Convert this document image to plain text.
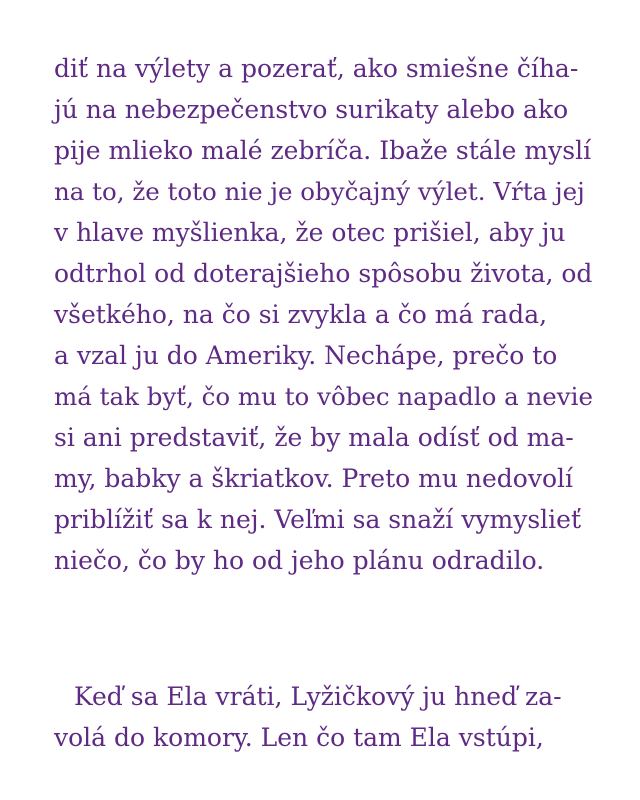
diť na výlety a pozerať, ako smiešne číha-
jú na nebezpečenstvo surikaty alebo ako
pije mlieko malé zebríča. Ibaže stále myslí
na to, že toto nie je obyčajný výlet. Vŕta jej
v hlave myšlienka, že otec prišiel, aby ju
odtrhol od doterajšieho spôsobu života, od
všetkého, na čo si zvykla a čo má rada,
a vzal ju do Ameriky. Nechápe, prečo to
má tak byť, čo mu to vôbec napadlo a nevie
si ani predstaviť, že by mala odísť od ma-
my, babky a škriatkov. Preto mu nedovolí
priblížiť sa k nej. Veľmi sa snaží vymyslieť
niečo, čo by ho od jeho plánu odradilo.
Keď sa Ela vráti, Lyžičkový ju hneď za-
volá do komory. Len čo tam Ela vstúpi,
